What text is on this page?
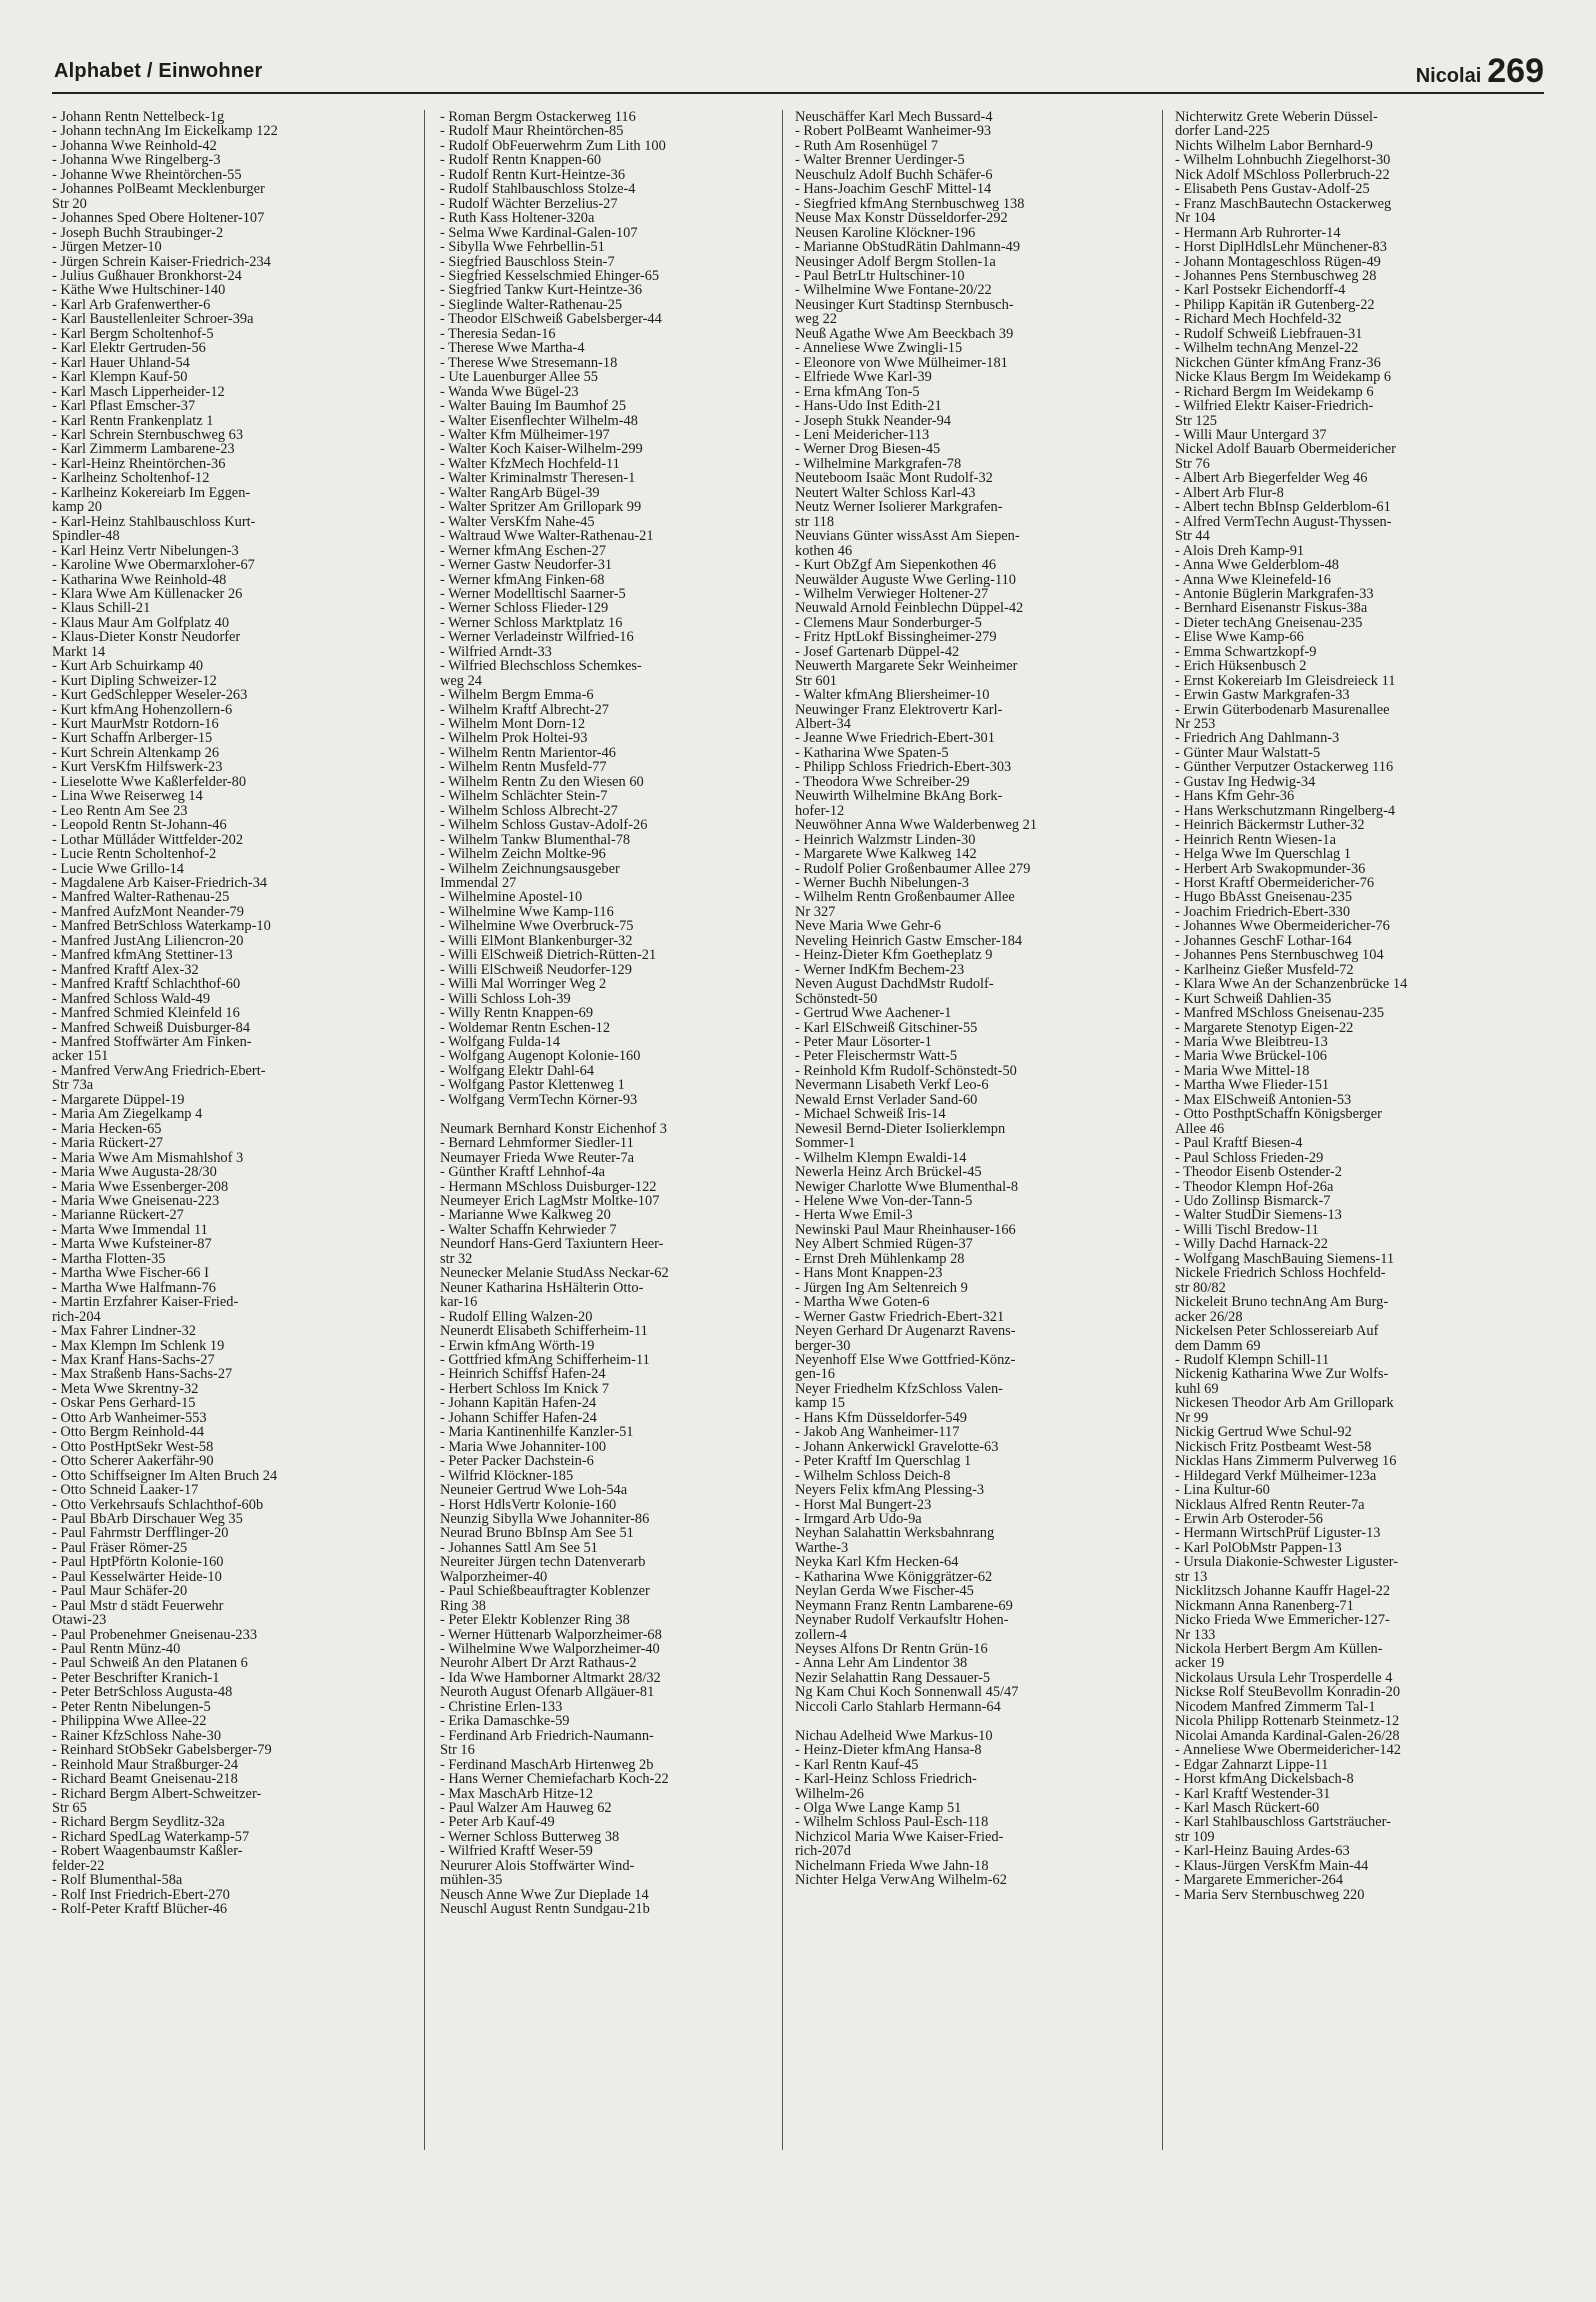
Alphabet / Einwohner	Nicolai 269
- Johann Rentn Nettelbeck-1g
- Johann technAng Im Eickelkamp 122
- Johanna Wwe Reinhold-42
- Johanna Wwe Ringelberg-3
- Johanne Wwe Rheintörchen-55
- Johannes PolBeamt Mecklenburger
Str 20
- Johannes Sped Obere Holtener-107
- Joseph Buchh Straubinger-2
- Jürgen Metzer-10
- Jürgen Schrein Kaiser-Friedrich-234
- Julius Gußhauer Bronkhorst-24
- Käthe Wwe Hultschiner-140
- Karl Arb Grafenwerther-6
- Karl Baustellenleiter Schroer-39a
- Karl Bergm Scholtenhof-5
- Karl Elektr Gertruden-56
- Karl Hauer Uhland-54
- Karl Klempn Kauf-50
- Karl Masch Lipperheider-12
- Karl Pflast Emscher-37
- Karl Rentn Frankenplatz 1
- Karl Schrein Sternbuschweg 63
- Karl Zimmerm Lambarene-23
- Karl-Heinz Rheintörchen-36
- Karlheinz Scholtenhof-12
- Karlheinz Kokereiarb Im Eggen-
kamp 20
- Karl-Heinz Stahlbauschloss Kurt-
Spindler-48
- Karl Heinz Vertr Nibelungen-3
- Karoline Wwe Obermarxloher-67
- Katharina Wwe Reinhold-48
- Klara Wwe Am Küllenacker 26
- Klaus Schill-21
- Klaus Maur Am Golfplatz 40
- Klaus-Dieter Konstr Neudorfer
Markt 14
- Kurt Arb Schuirkamp 40
- Kurt Dipling Schweizer-12
- Kurt GedSchlepper Weseler-263
- Kurt kfmAng Hohenzollern-6
- Kurt MaurMstr Rotdorn-16
- Kurt Schaffn Arlberger-15
- Kurt Schrein Altenkamp 26
- Kurt VersKfm Hilfswerk-23
- Lieselotte Wwe Kaßlerfelder-80
- Lina Wwe Reiserweg 14
- Leo Rentn Am See 23
- Leopold Rentn St-Johann-46
- Lothar Mülláder Wittfelder-202
- Lucie Rentn Scholtenhof-2
- Lucie Wwe Grillo-14
- Magdalene Arb Kaiser-Friedrich-34
- Manfred Walter-Rathenau-25
- Manfred AufzMont Neander-79
- Manfred BetrSchloss Waterkamp-10
- Manfred JustAng Liliencron-20
- Manfred kfmAng Stettiner-13
- Manfred Kraftf Alex-32
- Manfred Kraftf Schlachthof-60
- Manfred Schloss Wald-49
- Manfred Schmied Kleinfeld 16
- Manfred Schweiß Duisburger-84
- Manfred Stoffwärter Am Finken-
acker 151
- Manfred VerwAng Friedrich-Ebert-
Str 73a
- Margarete Düppel-19
- Maria Am Ziegelkamp 4
- Maria Hecken-65
- Maria Rückert-27
- Maria Wwe Am Mismahlshof 3
- Maria Wwe Augusta-28/30
- Maria Wwe Essenberger-208
- Maria Wwe Gneisenau-223
- Marianne Rückert-27
- Marta Wwe Immendal 11
- Marta Wwe Kufsteiner-87
- Martha Flotten-35
- Martha Wwe Fischer-66 I
- Martha Wwe Halfmann-76
- Martin Erzfahrer Kaiser-Fried-
rich-204
- Max Fahrer Lindner-32
- Max Klempn Im Schlenk 19
- Max Kranf Hans-Sachs-27
- Max Straßenb Hans-Sachs-27
- Meta Wwe Skrentny-32
- Oskar Pens Gerhard-15
- Otto Arb Wanheimer-553
- Otto Bergm Reinhold-44
- Otto PostHptSekr West-58
- Otto Scherer Aakerfähr-90
- Otto Schiffseigner Im Alten Bruch 24
- Otto Schneid Laaker-17
- Otto Verkehrsaufs Schlachthof-60b
- Paul BbArb Dirschauer Weg 35
- Paul Fahrmstr Derfflinger-20
- Paul Fräser Römer-25
- Paul HptPförtn Kolonie-160
- Paul Kesselwärter Heide-10
- Paul Maur Schäfer-20
- Paul Mstr d städt Feuerwehr
Otawi-23
- Paul Probenehmer Gneisenau-233
- Paul Rentn Münz-40
- Paul Schweiß An den Platanen 6
- Peter Beschrifter Kranich-1
- Peter BetrSchloss Augusta-48
- Peter Rentn Nibelungen-5
- Philippina Wwe Allee-22
- Rainer KfzSchloss Nahe-30
- Reinhard StObSekr Gabelsberger-79
- Reinhold Maur Straßburger-24
- Richard Beamt Gneisenau-218
- Richard Bergm Albert-Schweitzer-
Str 65
- Richard Bergm Seydlitz-32a
- Richard SpedLag Waterkamp-57
- Robert Waagenbaumstr Kaßler-
felder-22
- Rolf Blumenthal-58a
- Rolf Inst Friedrich-Ebert-270
- Rolf-Peter Kraftf Blücher-46
- Roman Bergm Ostackerweg 116
- Rudolf Maur Rheintörchen-85
- Rudolf ObFeuerwehrm Zum Lith 100
- Rudolf Rentn Knappen-60
- Rudolf Rentn Kurt-Heintze-36
- Rudolf Stahlbauschloss Stolze-4
- Rudolf Wächter Berzelius-27
- Ruth Kass Holtener-320a
- Selma Wwe Kardinal-Galen-107
- Sibylla Wwe Fehrbellin-51
- Siegfried Bauschloss Stein-7
- Siegfried Kesselschmied Ehinger-65
- Siegfried Tankw Kurt-Heintze-36
- Sieglinde Walter-Rathenau-25
- Theodor ElSchweiß Gabelsberger-44
- Theresia Sedan-16
- Therese Wwe Martha-4
- Therese Wwe Stresemann-18
- Ute Lauenburger Allee 55
- Wanda Wwe Bügel-23
- Walter Bauing Im Baumhof 25
- Walter Eisenflechter Wilhelm-48
- Walter Kfm Mülheimer-197
- Walter Koch Kaiser-Wilhelm-299
- Walter KfzMech Hochfeld-11
- Walter Kriminalmstr Theresen-1
- Walter RangArb Bügel-39
- Walter Spritzer Am Grillopark 99
- Walter VersKfm Nahe-45
- Waltraud Wwe Walter-Rathenau-21
- Werner kfmAng Eschen-27
- Werner Gastw Neudorfer-31
- Werner kfmAng Finken-68
- Werner Modelltischl Saarner-5
- Werner Schloss Flieder-129
- Werner Schloss Marktplatz 16
- Werner Verladeinstr Wilfried-16
- Wilfried Arndt-33
- Wilfried Blechschloss Schemkes-
weg 24
- Wilhelm Bergm Emma-6
- Wilhelm Kraftf Albrecht-27
- Wilhelm Mont Dorn-12
- Wilhelm Prok Holtei-93
- Wilhelm Rentn Marientor-46
- Wilhelm Rentn Musfeld-77
- Wilhelm Rentn Zu den Wiesen 60
- Wilhelm Schlächter Stein-7
- Wilhelm Schloss Albrecht-27
- Wilhelm Schloss Gustav-Adolf-26
- Wilhelm Tankw Blumenthal-78
- Wilhelm Zeichn Moltke-96
- Wilhelm Zeichnungsausgeber
Immendal 27
- Wilhelmine Apostel-10
- Wilhelmine Wwe Kamp-116
- Wilhelmine Wwe Overbruck-75
- Willi ElMont Blankenburger-32
- Willi ElSchweiß Dietrich-Rütten-21
- Willi ElSchweiß Neudorfer-129
- Willi Mal Worringer Weg 2
- Willi Schloss Loh-39
- Willy Rentn Knappen-69
- Woldemar Rentn Eschen-12
- Wolfgang Fulda-14
- Wolfgang Augenopt Kolonie-160
- Wolfgang Elektr Dahl-64
- Wolfgang Pastor Klettenweg 1
- Wolfgang VermTechn Körner-93

Neumark Bernhard Konstr Eichenhof 3
- Bernard Lehmformer Siedler-11
Neumayer Frieda Wwe Reuter-7a
- Günther Kraftf Lehnhof-4a
- Hermann MSchloss Duisburger-122
Neumeyer Erich LagMstr Moltke-107
- Marianne Wwe Kalkweg 20
- Walter Schaffn Kehrwieder 7
Neundorf Hans-Gerd Taxiuntern Heer-
str 32
Neunecker Melanie StudAss Neckar-62
Neuner Katharina HsHälterin Otto-
kar-16
- Rudolf Elling Walzen-20
Neunerdt Elisabeth Schifferheim-11
- Erwin kfmAng Wörth-19
- Gottfried kfmAng Schifferheim-11
- Heinrich Schiffsf Hafen-24
- Herbert Schloss Im Knick 7
- Johann Kapitän Hafen-24
- Johann Schiffer Hafen-24
- Maria Kantinenhilfe Kanzler-51
- Maria Wwe Johanniter-100
- Peter Packer Dachstein-6
- Wilfrid Klöckner-185
Neuneier Gertrud Wwe Loh-54a
- Horst HdlsVertr Kolonie-160
Neunzig Sibylla Wwe Johanniter-86
Neurad Bruno BbInsp Am See 51
- Johannes Sattl Am See 51
Neureiter Jürgen techn Datenverarb
Walporzheimer-40
- Paul Schießbeauftragter Koblenzer
Ring 38
- Peter Elektr Koblenzer Ring 38
- Werner Hüttenarb Walporzheimer-68
- Wilhelmine Wwe Walporzheimer-40
Neurohr Albert Dr Arzt Rathaus-2
- Ida Wwe Hamborner Altmarkt 28/32
Neuroth August Ofenarb Allgäuer-81
- Christine Erlen-133
- Erika Damaschke-59
- Ferdinand Arb Friedrich-Naumann-
Str 16
- Ferdinand MaschArb Hirtenweg 2b
- Hans Werner Chemiefacharb Koch-22
- Max MaschArb Hitze-12
- Paul Walzer Am Hauweg 62
- Peter Arb Kauf-49
- Werner Schloss Butterweg 38
- Wilfried Kraftf Weser-59
Neururer Alois Stoffwärter Wind-
mühlen-35
Neusch Anne Wwe Zur Dieplade 14
Neuschl August Rentn Sundgau-21b
Neuschäffer Karl Mech Bussard-4
- Robert PolBeamt Wanheimer-93
- Ruth Am Rosenhügel 7
- Walter Brenner Uerdinger-5
Neuschulz Adolf Buchh Schäfer-6
- Hans-Joachim GeschF Mittel-14
- Siegfried kfmAng Sternbuschweg 138
Neuse Max Konstr Düsseldorfer-292
Neusen Karoline Klöckner-196
- Marianne ObStudRätin Dahlmann-49
Neusinger Adolf Bergm Stollen-1a
- Paul BetrLtr Hultschiner-10
- Wilhelmine Wwe Fontane-20/22
Neusinger Kurt Stadtinsp Sternbusch-
weg 22
Neuß Agathe Wwe Am Beeckbach 39
- Anneliese Wwe Zwingli-15
- Eleonore von Wwe Mülheimer-181
- Elfriede Wwe Karl-39
- Erna kfmAng Ton-5
- Hans-Udo Inst Edith-21
- Joseph Stukk Neander-94
- Leni Meidericher-113
- Werner Drog Biesen-45
- Wilhelmine Markgrafen-78
Neuteboom Isaäc Mont Rudolf-32
Neutert Walter Schloss Karl-43
Neutz Werner Isolierer Markgrafen-
str 118
Neuvians Günter wissAsst Am Siepen-
kothen 46
- Kurt ObZgf Am Siepenkothen 46
Neuwälder Auguste Wwe Gerling-110
- Wilhelm Verwieger Holtener-27
Neuwald Arnold Feinblechn Düppel-42
- Clemens Maur Sonderburger-5
- Fritz HptLokf Bissingheimer-279
- Josef Gartenarb Düppel-42
Neuwerth Margarete Sekr Weinheimer
Str 601
- Walter kfmAng Bliersheimer-10
Neuwinger Franz Elektrovertr Karl-
Albert-34
- Jeanne Wwe Friedrich-Ebert-301
- Katharina Wwe Spaten-5
- Philipp Schloss Friedrich-Ebert-303
- Theodora Wwe Schreiber-29
Neuwirth Wilhelmine BkAng Bork-
hofer-12
Neuwöhner Anna Wwe Walderbenweg 21
- Heinrich Walzmstr Linden-30
- Margarete Wwe Kalkweg 142
- Rudolf Polier Großenbaumer Allee 279
- Werner Buchh Nibelungen-3
- Wilhelm Rentn Großenbaumer Allee
Nr 327
Neve Maria Wwe Gehr-6
Neveling Heinrich Gastw Emscher-184
- Heinz-Dieter Kfm Goetheplatz 9
- Werner IndKfm Bechem-23
Neven August DachdMstr Rudolf-
Schönstedt-50
- Gertrud Wwe Aachener-1
- Karl ElSchweiß Gitschiner-55
- Peter Maur Lösorter-1
- Peter Fleischermstr Watt-5
- Reinhold Kfm Rudolf-Schönstedt-50
Nevermann Lisabeth Verkf Leo-6
Newald Ernst Verlader Sand-60
- Michael Schweiß Iris-14
Newesil Bernd-Dieter Isolierklempn
Sommer-1
- Wilhelm Klempn Ewaldi-14
Newerla Heinz Arch Brückel-45
Newiger Charlotte Wwe Blumenthal-8
- Helene Wwe Von-der-Tann-5
- Herta Wwe Emil-3
Newinski Paul Maur Rheinhauser-166
Ney Albert Schmied Rügen-37
- Ernst Dreh Mühlenkamp 28
- Hans Mont Knappen-23
- Jürgen Ing Am Seltenreich 9
- Martha Wwe Goten-6
- Werner Gastw Friedrich-Ebert-321
Neyen Gerhard Dr Augenarzt Ravens-
berger-30
Neyenhoff Else Wwe Gottfried-Könz-
gen-16
Neyer Friedhelm KfzSchloss Valen-
kamp 15
- Hans Kfm Düsseldorfer-549
- Jakob Ang Wanheimer-117
- Johann Ankerwickl Gravelotte-63
- Peter Kraftf Im Querschlag 1
- Wilhelm Schloss Deich-8
Neyers Felix kfmAng Plessing-3
- Horst Mal Bungert-23
- Irmgard Arb Udo-9a
Neyhan Salahattin Werksbahnrang
Warthe-3
Neyka Karl Kfm Hecken-64
- Katharina Wwe Königgrätzer-62
Neylan Gerda Wwe Fischer-45
Neymann Franz Rentn Lambarene-69
Neynaber Rudolf Verkaufsltr Hohen-
zollern-4
Neyses Alfons Dr Rentn Grün-16
- Anna Lehr Am Lindentor 38
Nezir Selahattin Rang Dessauer-5
Ng Kam Chui Koch Sonnenwall 45/47
Niccoli Carlo Stahlarb Hermann-64

Nichau Adelheid Wwe Markus-10
- Heinz-Dieter kfmAng Hansa-8
- Karl Rentn Kauf-45
- Karl-Heinz Schloss Friedrich-
Wilhelm-26
- Olga Wwe Lange Kamp 51
- Wilhelm Schloss Paul-Esch-118
Nichzicol Maria Wwe Kaiser-Fried-
rich-207d
Nichelmann Frieda Wwe Jahn-18
Nichter Helga VerwAng Wilhelm-62
Nichterwitz Grete Weberin Düssel-
dorfer Land-225
Nichts Wilhelm Labor Bernhard-9
- Wilhelm Lohnbuchh Ziegelhorst-30
Nick Adolf MSchloss Pollerbruch-22
- Elisabeth Pens Gustav-Adolf-25
- Franz MaschBautechn Ostackerweg
Nr 104
- Hermann Arb Ruhrorter-14
- Horst DiplHdlsLehr Münchener-83
- Johann Montageschloss Rügen-49
- Johannes Pens Sternbuschweg 28
- Karl Postsekr Eichendorff-4
- Philipp Kapitän iR Gutenberg-22
- Richard Mech Hochfeld-32
- Rudolf Schweiß Liebfrauen-31
- Wilhelm technAng Menzel-22
Nickchen Günter kfmAng Franz-36
Nicke Klaus Bergm Im Weidekamp 6
- Richard Bergm Im Weidekamp 6
- Wilfried Elektr Kaiser-Friedrich-
Str 125
- Willi Maur Untergard 37
Nickel Adolf Bauarb Obermeidericher
Str 76
- Albert Arb Biegerfelder Weg 46
- Albert Arb Flur-8
- Albert techn BbInsp Gelderblom-61
- Alfred VermTechn August-Thyssen-
Str 44
- Alois Dreh Kamp-91
- Anna Wwe Gelderblom-48
- Anna Wwe Kleinefeld-16
- Antonie Büglerin Markgrafen-33
- Bernhard Eisenanstr Fiskus-38a
- Dieter techAng Gneisenau-235
- Elise Wwe Kamp-66
- Emma Schwartzkopf-9
- Erich Hüksenbusch 2
- Ernst Kokereiarb Im Gleisdreieck 11
- Erwin Gastw Markgrafen-33
- Erwin Güterbodenarb Masurenallee
Nr 253
- Friedrich Ang Dahlmann-3
- Günter Maur Walstatt-5
- Günther Verputzer Ostackerweg 116
- Gustav Ing Hedwig-34
- Hans Kfm Gehr-36
- Hans Werkschutzmann Ringelberg-4
- Heinrich Bäckermstr Luther-32
- Heinrich Rentn Wiesen-1a
- Helga Wwe Im Querschlag 1
- Herbert Arb Swakopmunder-36
- Horst Kraftf Obermeidericher-76
- Hugo BbAsst Gneisenau-235
- Joachim Friedrich-Ebert-330
- Johannes Wwe Obermeidericher-76
- Johannes GeschF Lothar-164
- Johannes Pens Sternbuschweg 104
- Karlheinz Gießer Musfeld-72
- Klara Wwe An der Schanzenbrücke 14
- Kurt Schweiß Dahlien-35
- Manfred MSchloss Gneisenau-235
- Margarete Stenotyp Eigen-22
- Maria Wwe Bleibtreu-13
- Maria Wwe Brückel-106
- Maria Wwe Mittel-18
- Martha Wwe Flieder-151
- Max ElSchweiß Antonien-53
- Otto PosthptSchaffn Königsberger
Allee 46
- Paul Kraftf Biesen-4
- Paul Schloss Frieden-29
- Theodor Eisenb Ostender-2
- Theodor Klempn Hof-26a
- Udo Zollinsp Bismarck-7
- Walter StudDir Siemens-13
- Willi Tischl Bredow-11
- Willy Dachd Harnack-22
- Wolfgang MaschBauing Siemens-11
Nickele Friedrich Schloss Hochfeld-
str 80/82
Nickeleit Bruno technAng Am Burg-
acker 26/28
Nickelsen Peter Schlossereiarb Auf
dem Damm 69
- Rudolf Klempn Schill-11
Nickenig Katharina Wwe Zur Wolfs-
kuhl 69
Nickesen Theodor Arb Am Grillopark
Nr 99
Nickig Gertrud Wwe Schul-92
Nickisch Fritz Postbeamt West-58
Nicklas Hans Zimmerm Pulverweg 16
- Hildegard Verkf Mülheimer-123a
- Lina Kultur-60
Nicklaus Alfred Rentn Reuter-7a
- Erwin Arb Osteroder-56
- Hermann WirtschPrüf Liguster-13
- Karl PolObMstr Pappen-13
- Ursula Diakonie-Schwester Liguster-
str 13
Nicklitzsch Johanne Kauffr Hagel-22
Nickmann Anna Ranenberg-71
Nicko Frieda Wwe Emmericher-127-
Nr 133
Nickola Herbert Bergm Am Küllen-
acker 19
Nickolaus Ursula Lehr Trosperdelle 4
Nickse Rolf SteuBevollm Konradin-20
Nicodem Manfred Zimmerm Tal-1
Nicola Philipp Rottenarb Steinmetz-12
Nicolai Amanda Kardinal-Galen-26/28
- Anneliese Wwe Obermeidericher-142
- Edgar Zahnarzt Lippe-11
- Horst kfmAng Dickelsbach-8
- Karl Kraftf Westender-31
- Karl Masch Rückert-60
- Karl Stahlbauschloss Gartsträucher-
str 109
- Karl-Heinz Bauing Ardes-63
- Klaus-Jürgen VersKfm Main-44
- Margarete Emmericher-264
- Maria Serv Sternbuschweg 220
